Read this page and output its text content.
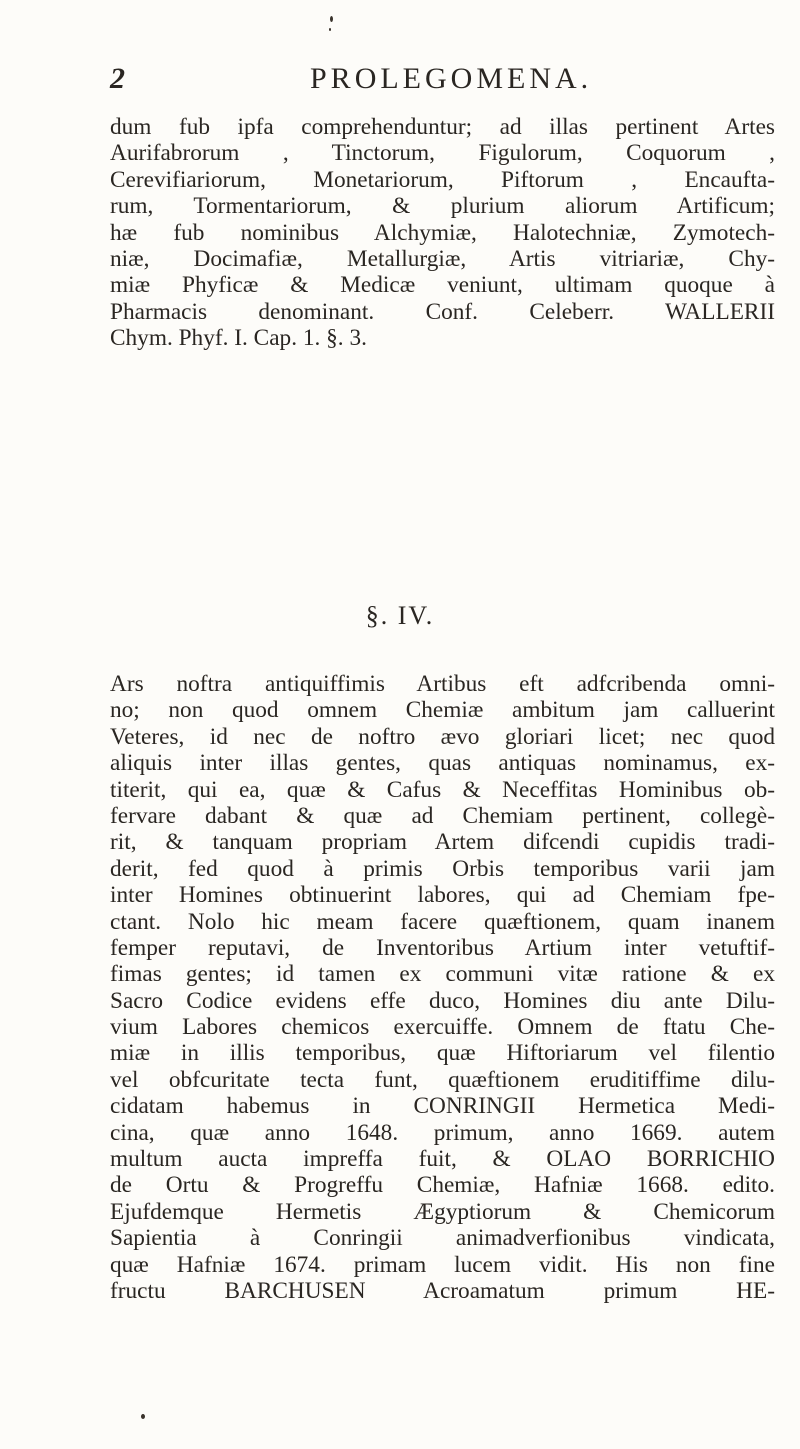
2	PROLEGOMENA.
dum fub ipfa comprehenduntur; ad illas pertinent Artes
Aurifabrorum , Tinctorum, Figulorum, Coquorum ,
Cerevifiariorum, Monetariorum, Piftorum , Encaufta-
rum, Tormentariorum, & plurium aliorum Artificum;
hæ fub nominibus Alchymiæ, Halotechniæ, Zymotech-
niæ, Docimafiæ, Metallurgiæ, Artis vitriariæ, Chy-
miæ Phyficæ & Medicæ veniunt, ultimam quoque à
Pharmacis denominant. Conf. Celeberr. WALLERII
Chym. Phyf. I. Cap. 1. §. 3.
§. IV.
Ars noftra antiquiffimis Artibus eft adfcribenda omni-
no; non quod omnem Chemiæ ambitum jam calluerint
Veteres, id nec de noftro ævo gloriari licet; nec quod
aliquis inter illas gentes, quas antiquas nominamus, ex-
titerit, qui ea, quæ & Cafus & Neceffitas Hominibus ob-
fervare dabant & quæ ad Chemiam pertinent, collegè-
rit, & tanquam propriam Artem difcendi cupidis tradi-
derit, fed quod à primis Orbis temporibus varii jam
inter Homines obtinuerint labores, qui ad Chemiam fpe-
ctant. Nolo hic meam facere quæftionem, quam inanem
femper reputavi, de Inventoribus Artium inter vetuftif-
fimas gentes; id tamen ex communi vitæ ratione & ex
Sacro Codice evidens effe duco, Homines diu ante Dilu-
vium Labores chemicos exercuiffe. Omnem de ftatu Che-
miæ in illis temporibus, quæ Hiftoriarum vel filentio
vel obfcuritate tecta funt, quæftionem eruditiffime dilu-
cidatam habemus in CONRINGII Hermetica Medi-
cina, quæ anno 1648. primum, anno 1669. autem
multum aucta impreffa fuit, & OLAO BORRICHIO
de Ortu & Progreffu Chemiæ, Hafniæ 1668. edito.
Ejufdemque Hermetis Ægyptiorum & Chemicorum
Sapientia à Conringii animadverfionibus vindicata,
quæ Hafniæ 1674. primam lucem vidit. His non fine
fructu BARCHUSEN Acroamatum primum HE-
